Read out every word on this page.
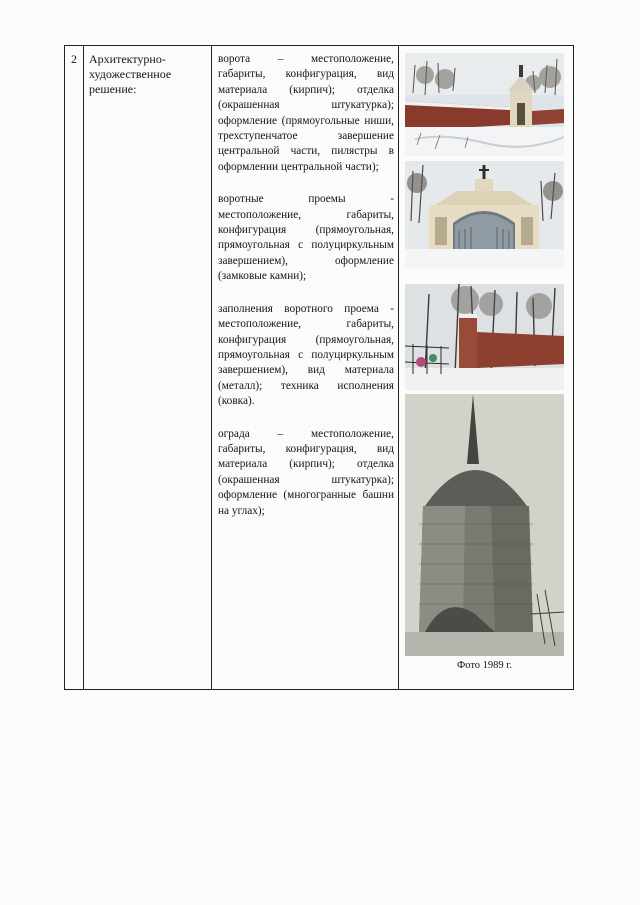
2	Архитектурно-художественное решение:

ворота – местоположение, габариты, конфигурация, вид материала (кирпич); отделка (окрашенная штукатурка); оформление (прямоугольные ниши, трехступенчатое завершение центральной части, пилястры в оформлении центральной части);

воротные проемы - местоположение, габариты, конфигурация (прямоугольная, прямоугольная с полуциркульным завершением), оформление (замковые камни);

заполнения воротного проема - местоположение, габариты, конфигурация (прямоугольная, прямоугольная с полуциркульным завершением), вид материала (металл); техника исполнения (ковка).

ограда – местоположение, габариты, конфигурация, вид материала (кирпич); отделка (окрашенная штукатурка); оформление (многогранные башни на углах);

Фото 1989 г.
